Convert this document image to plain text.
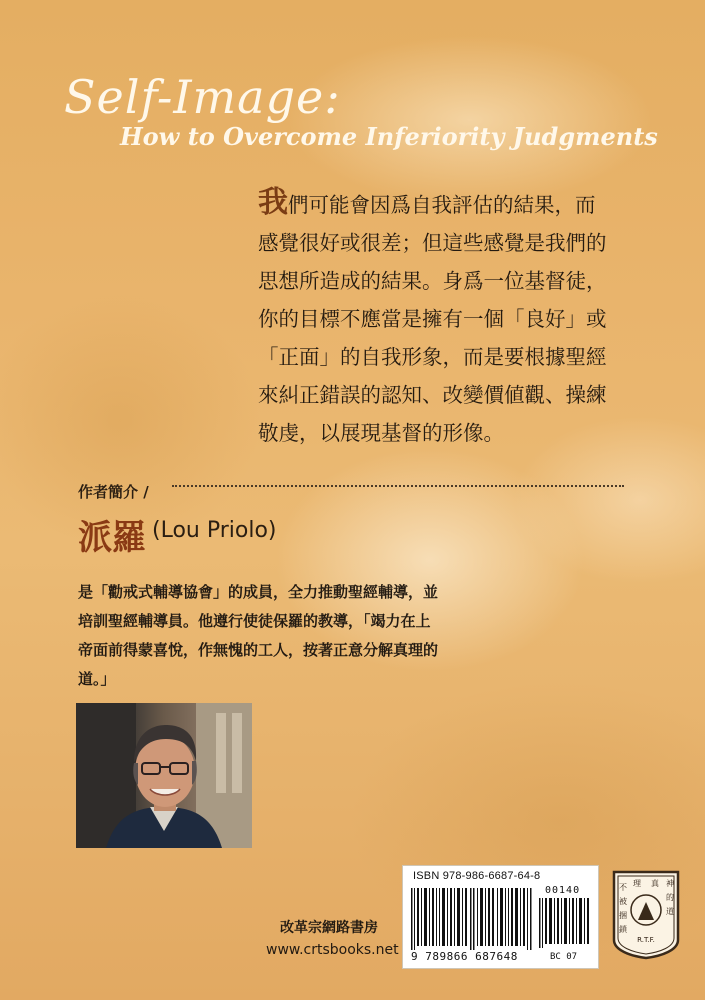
Self-Image:
How to Overcome Inferiority Judgments
我們可能會因爲自我評估的結果，而
感覺很好或很差；但這些感覺是我們的
思想所造成的結果。身爲一位基督徒，
你的目標不應當是擁有一個「良好」或
「正面」的自我形象，而是要根據聖經
來糾正錯誤的認知、改變價値觀、操練
敬虔，以展現基督的形像。
作者簡介 /
派羅 (Lou Priolo)
是「勸戒式輔導協會」的成員，全力推動聖經輔導，並
培訓聖經輔導員。他遵行使徒保羅的教導，「竭力在上
帝面前得蒙喜悅，作無愧的工人，按著正意分解真理的
道。」
改革宗網路書房
www.crtsbooks.net
ISBN 978-986-6687-64-8
00140
9 789866 687648	BC 07
理 真 神
的
道
不
被
捆
鎖
R.T.F.
